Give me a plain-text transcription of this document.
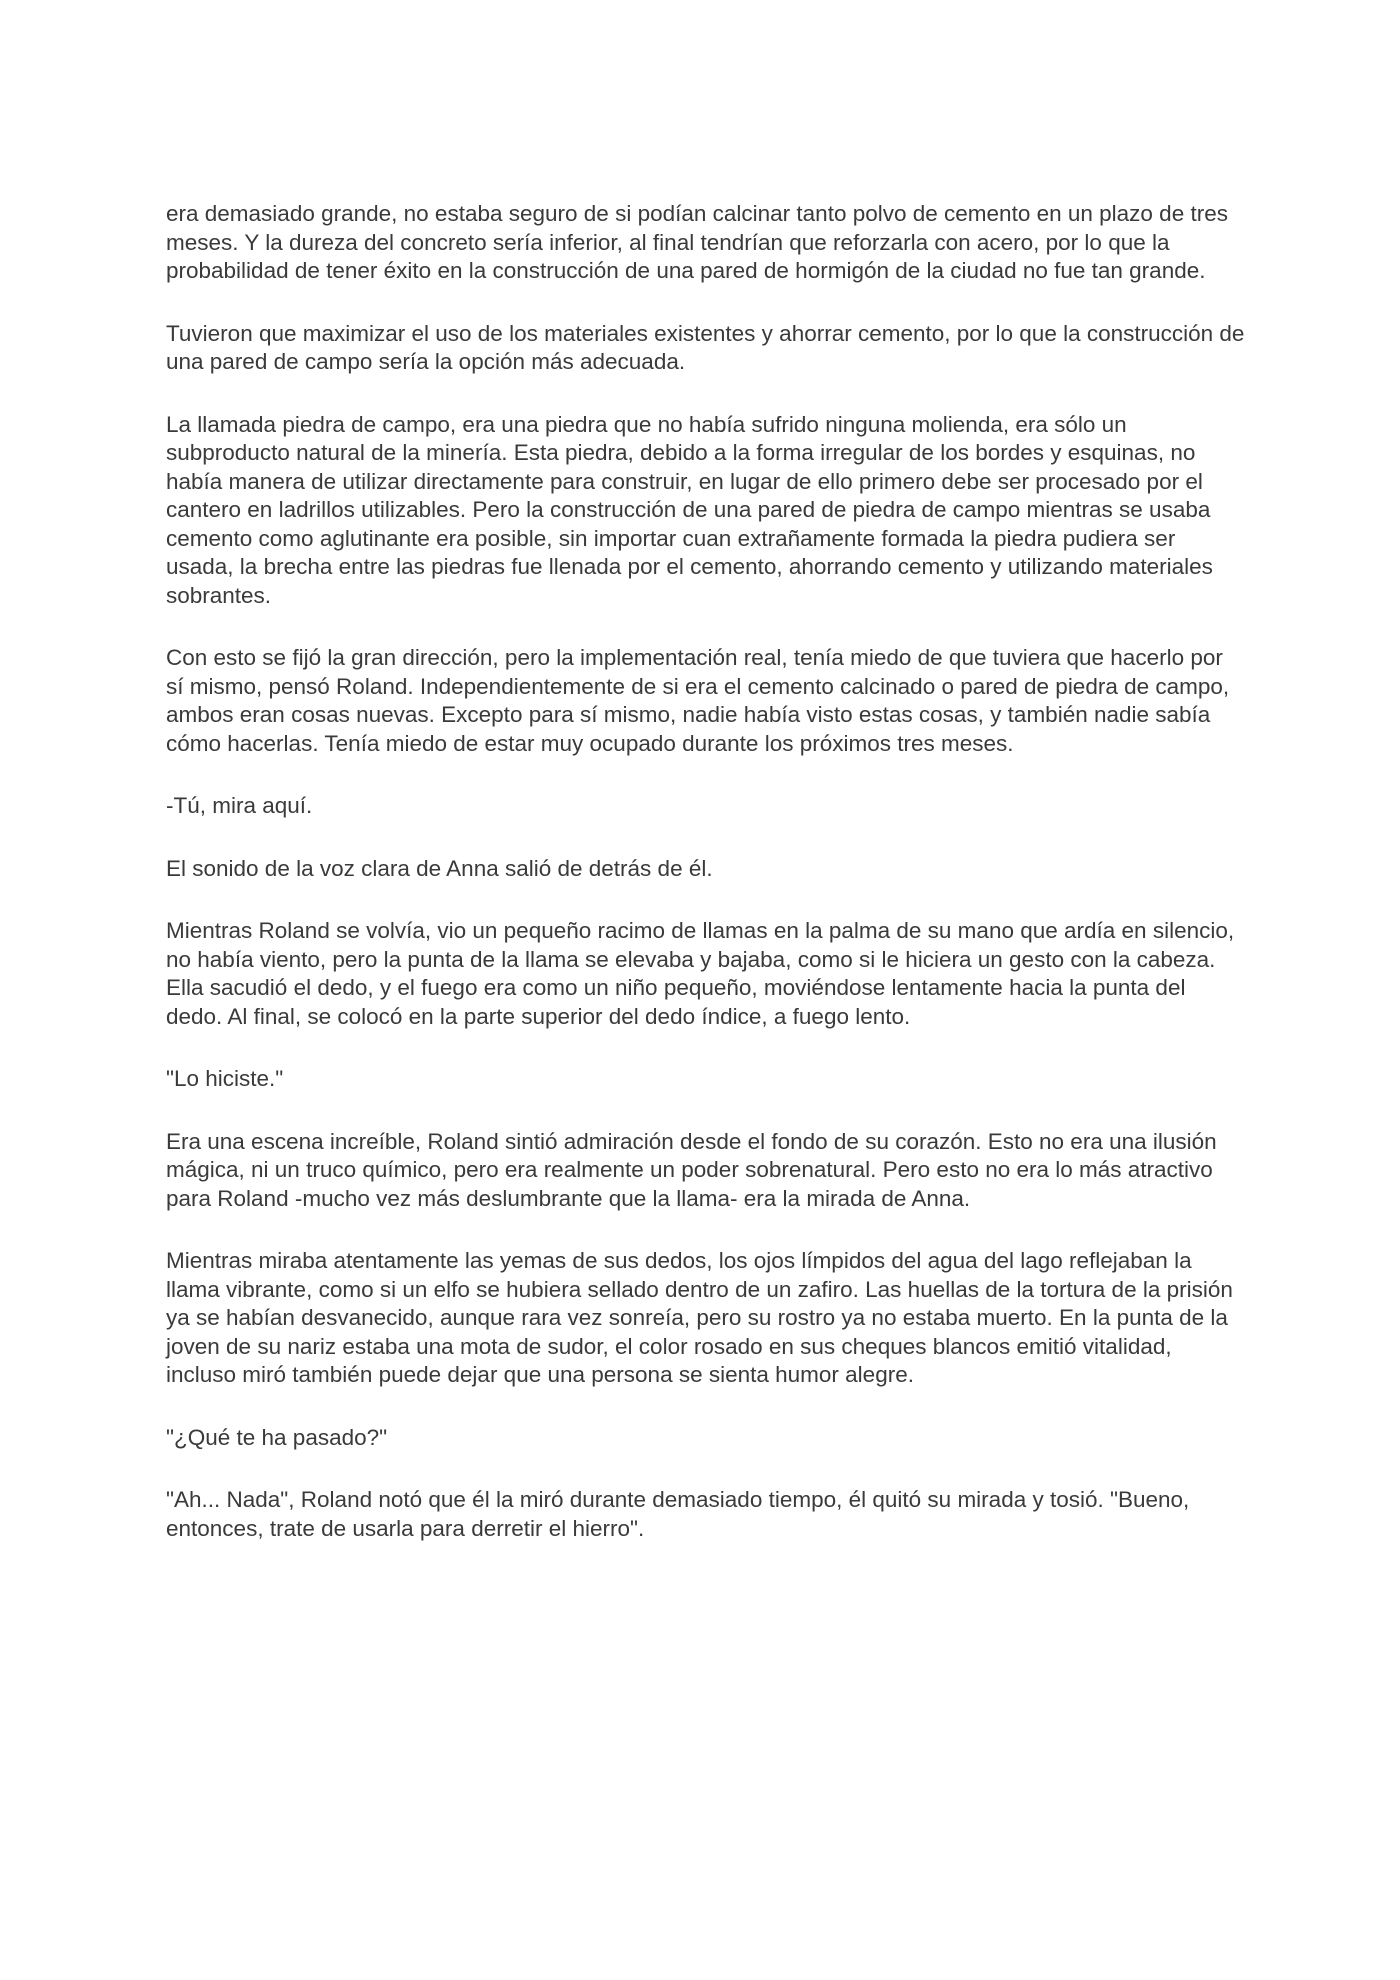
era demasiado grande, no estaba seguro de si podían calcinar tanto polvo de cemento en un plazo de tres meses. Y la dureza del concreto sería inferior, al final tendrían que reforzarla con acero, por lo que la probabilidad de tener éxito en la construcción de una pared de hormigón de la ciudad no fue tan grande.

Tuvieron que maximizar el uso de los materiales existentes y ahorrar cemento, por lo que la construcción de una pared de campo sería la opción más adecuada.

La llamada piedra de campo, era una piedra que no había sufrido ninguna molienda, era sólo un subproducto natural de la minería. Esta piedra, debido a la forma irregular de los bordes y esquinas, no había manera de utilizar directamente para construir, en lugar de ello primero debe ser procesado por el cantero en ladrillos utilizables. Pero la construcción de una pared de piedra de campo mientras se usaba cemento como aglutinante era posible, sin importar cuan extrañamente formada la piedra pudiera ser usada, la brecha entre las piedras fue llenada por el cemento, ahorrando cemento y utilizando materiales sobrantes.

Con esto se fijó la gran dirección, pero la implementación real, tenía miedo de que tuviera que hacerlo por sí mismo, pensó Roland. Independientemente de si era el cemento calcinado o pared de piedra de campo, ambos eran cosas nuevas. Excepto para sí mismo, nadie había visto estas cosas, y también nadie sabía cómo hacerlas. Tenía miedo de estar muy ocupado durante los próximos tres meses.

-Tú, mira aquí.

El sonido de la voz clara de Anna salió de detrás de él.

Mientras Roland se volvía, vio un pequeño racimo de llamas en la palma de su mano que ardía en silencio, no había viento, pero la punta de la llama se elevaba y bajaba, como si le hiciera un gesto con la cabeza. Ella sacudió el dedo, y el fuego era como un niño pequeño, moviéndose lentamente hacia la punta del dedo. Al final, se colocó en la parte superior del dedo índice, a fuego lento.

"Lo hiciste."

Era una escena increíble, Roland sintió admiración desde el fondo de su corazón. Esto no era una ilusión mágica, ni un truco químico, pero era realmente un poder sobrenatural. Pero esto no era lo más atractivo para Roland -mucho vez más deslumbrante que la llama- era la mirada de Anna.

Mientras miraba atentamente las yemas de sus dedos, los ojos límpidos del agua del lago reflejaban la llama vibrante, como si un elfo se hubiera sellado dentro de un zafiro. Las huellas de la tortura de la prisión ya se habían desvanecido, aunque rara vez sonreía, pero su rostro ya no estaba muerto. En la punta de la joven de su nariz estaba una mota de sudor, el color rosado en sus cheques blancos emitió vitalidad, incluso miró también puede dejar que una persona se sienta humor alegre.

"¿Qué te ha pasado?"

"Ah... Nada", Roland notó que él la miró durante demasiado tiempo, él quitó su mirada y tosió. "Bueno, entonces, trate de usarla para derretir el hierro".
